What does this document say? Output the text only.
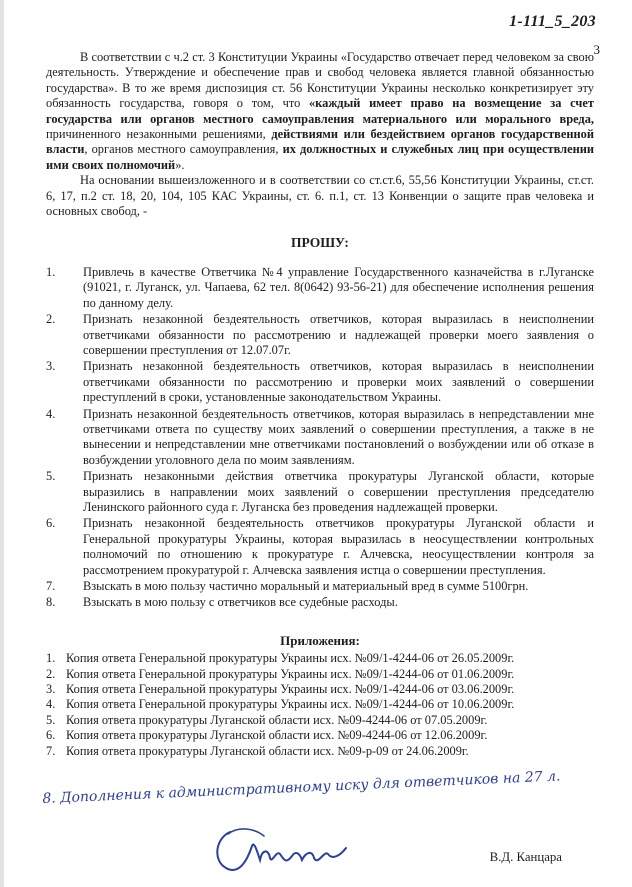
1-111_5_203
3

В соответствии с ч.2 ст. 3 Конституции Украины «Государство отвечает перед человеком за свою деятельность. Утверждение и обеспечение прав и свобод человека является главной обязанностью государства». В то же время диспозиция ст. 56 Конституции Украины несколько конкретизирует эту обязанность государства, говоря о том, что «каждый имеет право на возмещение за счет государства или органов местного самоуправления материального или морального вреда, причиненного незаконными решениями, действиями или бездействием органов государственной власти, органов местного самоуправления, их должностных и служебных лиц при осуществлении ими своих полномочий».

На основании вышеизложенного и в соответствии со ст.ст.6, 55,56 Конституции Украины, ст.ст. 6, 17, п.2 ст. 18, 20, 104, 105 КАС Украины, ст. 6. п.1, ст. 13 Конвенции о защите прав человека и основных свобод, -

ПРОШУ:
1. Привлечь в качестве Ответчика №4 управление Государственного казначейства в г.Луганске (91021, г. Луганск, ул. Чапаева, 62 тел. 8(0642) 93-56-21) для обеспечение исполнения решения по данному делу.
2. Признать незаконной бездеятельность ответчиков, которая выразилась в неисполнении ответчиками обязанности по рассмотрению и надлежащей проверки моего заявления о совершении преступления от 12.07.07г.
3. Признать незаконной бездеятельность ответчиков, которая выразилась в неисполнении ответчиками обязанности по рассмотрению и проверки моих заявлений о совершении преступлений в сроки, установленные законодательством Украины.
4. Признать незаконной бездеятельность ответчиков, которая выразилась в непредставлении мне ответчиками ответа по существу моих заявлений о совершении преступления, а также в не вынесении и непредставлении мне ответчиками постановлений о возбуждении или об отказе в возбуждении уголовного дела по моим заявлениям.
5. Признать незаконными действия ответчика прокуратуры Луганской области, которые выразились в направлении моих заявлений о совершении преступления председателю Ленинского районного суда г. Луганска без проведения надлежащей проверки.
6. Признать незаконной бездеятельность ответчиков прокуратуры Луганской области и Генеральной прокуратуры Украины, которая выразилась в неосуществлении контрольных полномочий по отношению к прокуратуре г. Алчевска, неосуществлении контроля за рассмотрением прокуратурой г. Алчевска заявления истца о совершении преступления.
7. Взыскать в мою пользу частично моральный и материальный вред в сумме 5100грн.
8. Взыскать в мою пользу с ответчиков все судебные расходы.
Приложения:
1. Копия ответа Генеральной прокуратуры Украины исх. №09/1-4244-06 от 26.05.2009г.
2. Копия ответа Генеральной прокуратуры Украины исх. №09/1-4244-06 от 01.06.2009г.
3. Копия ответа Генеральной прокуратуры Украины исх. №09/1-4244-06 от 03.06.2009г.
4. Копия ответа Генеральной прокуратуры Украины исх. №09/1-4244-06 от 10.06.2009г.
5. Копия ответа прокуратуры Луганской области исх. №09-4244-06 от 07.05.2009г.
6. Копия ответа прокуратуры Луганской области исх. №09-4244-06 от 12.06.2009г.
7. Копия ответа прокуратуры Луганской области исх. №09-р-09 от 24.06.2009г.
8. Дополнения к административному иску для ответчиков на 27 л.
В.Д. Канцара
